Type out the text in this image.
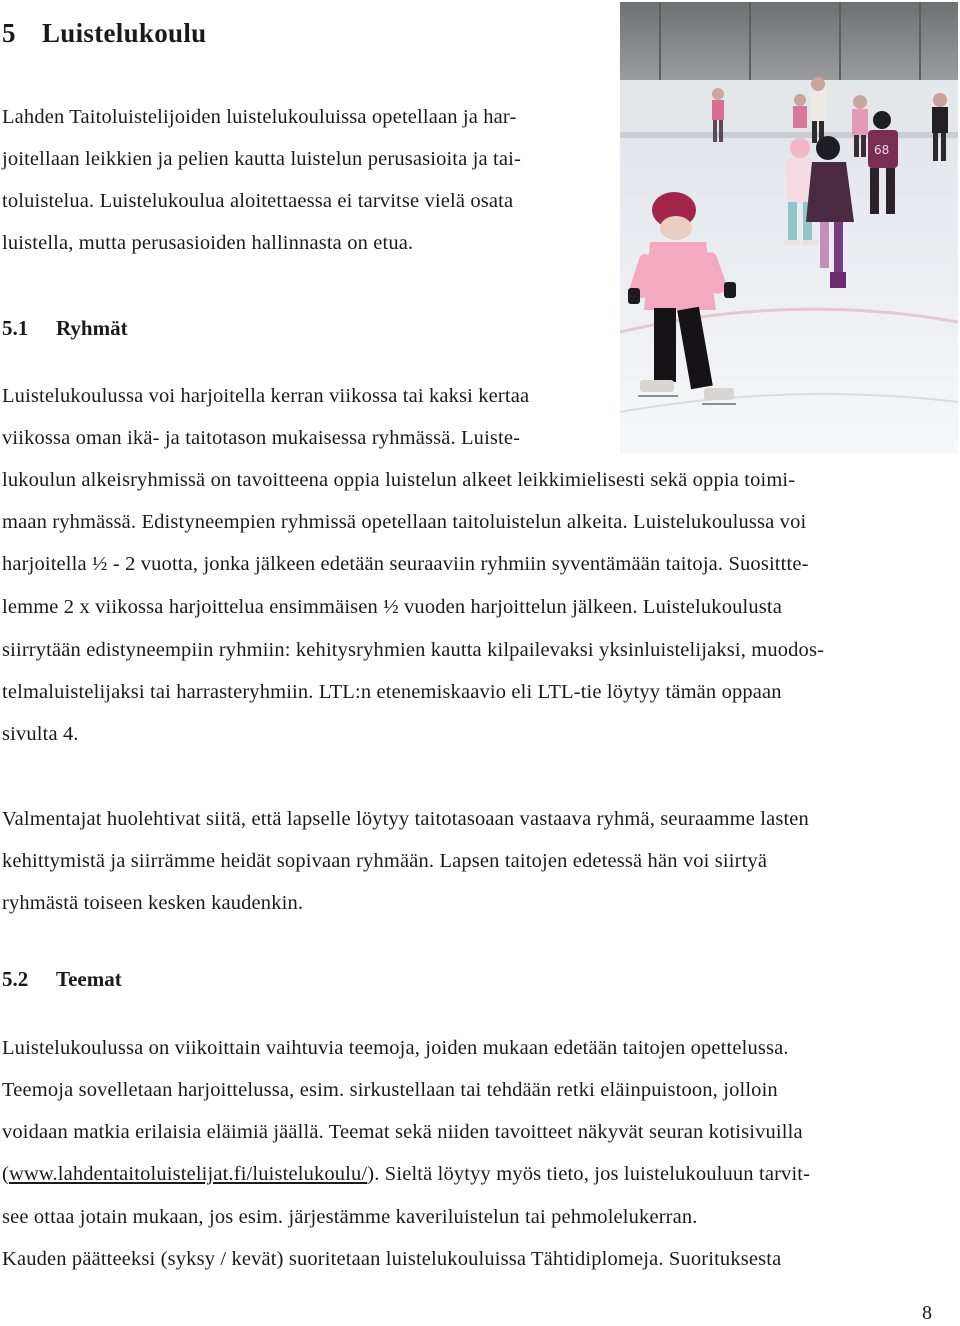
5 Luistelukoulu
Lahden Taitoluistelijoiden luistelukouluissa opetellaan ja har-
joitellaan leikkien ja pelien kautta luistelun perusasioita ja tai-
toluistelua. Luistelukoulua aloitettaessa ei tarvitse vielä osata
luistella, mutta perusasioiden hallinnasta on etua.
5.1 Ryhmät
Luistelukoulussa voi harjoitella kerran viikossa tai kaksi kertaa
viikossa oman ikä- ja taitotason mukaisessa ryhmässä. Luiste-
lukoulun alkeisryhmissä on tavoitteena oppia luistelun alkeet leikkimielisesti sekä oppia toimi-
maan ryhmässä. Edistyneempien ryhmissä opetellaan taitoluistelun alkeita. Luistelukoulussa voi
harjoitella ½ - 2 vuotta, jonka jälkeen edetään seuraaviin ryhmiin syventämään taitoja. Suosittte-
lemme 2 x viikossa harjoittelua ensimmäisen ½ vuoden harjoittelun jälkeen. Luistelukoulusta
siirrytään edistyneempiin ryhmiin: kehitysryhmien kautta kilpailevaksi yksinluistelijaksi, muodos-
telmaluistelijaksi tai harrasteryhmiin. LTL:n etenemiskaavio eli LTL-tie löytyy tämän oppaan
sivulta 4.
Valmentajat huolehtivat siitä, että lapselle löytyy taitotasoaan vastaava ryhmä, seuraamme lasten
kehittymistä ja siirrämme heidät sopivaan ryhmään. Lapsen taitojen edetessä hän voi siirtyä
ryhmästä toiseen kesken kaudenkin.
5.2 Teemat
Luistelukoulussa on viikoittain vaihtuvia teemoja, joiden mukaan edetään taitojen opettelussa.
Teemoja sovelletaan harjoittelussa, esim. sirkustellaan tai tehdään retki eläinpuistoon, jolloin
voidaan matkia erilaisia eläimiä jäällä. Teemat sekä niiden tavoitteet näkyvät seuran kotisivuilla
(www.lahdentaitoluistelijat.fi/luistelukoulu/). Sieltä löytyy myös tieto, jos luistelukouluun tarvit-
see ottaa jotain mukaan, jos esim. järjestämme kaveriluistelun tai pehmolelukerran.
Kauden päätteeksi (syksy / kevät) suoritetaan luistelukouluissa Tähtidiplomeja. Suorituksesta
8
68
